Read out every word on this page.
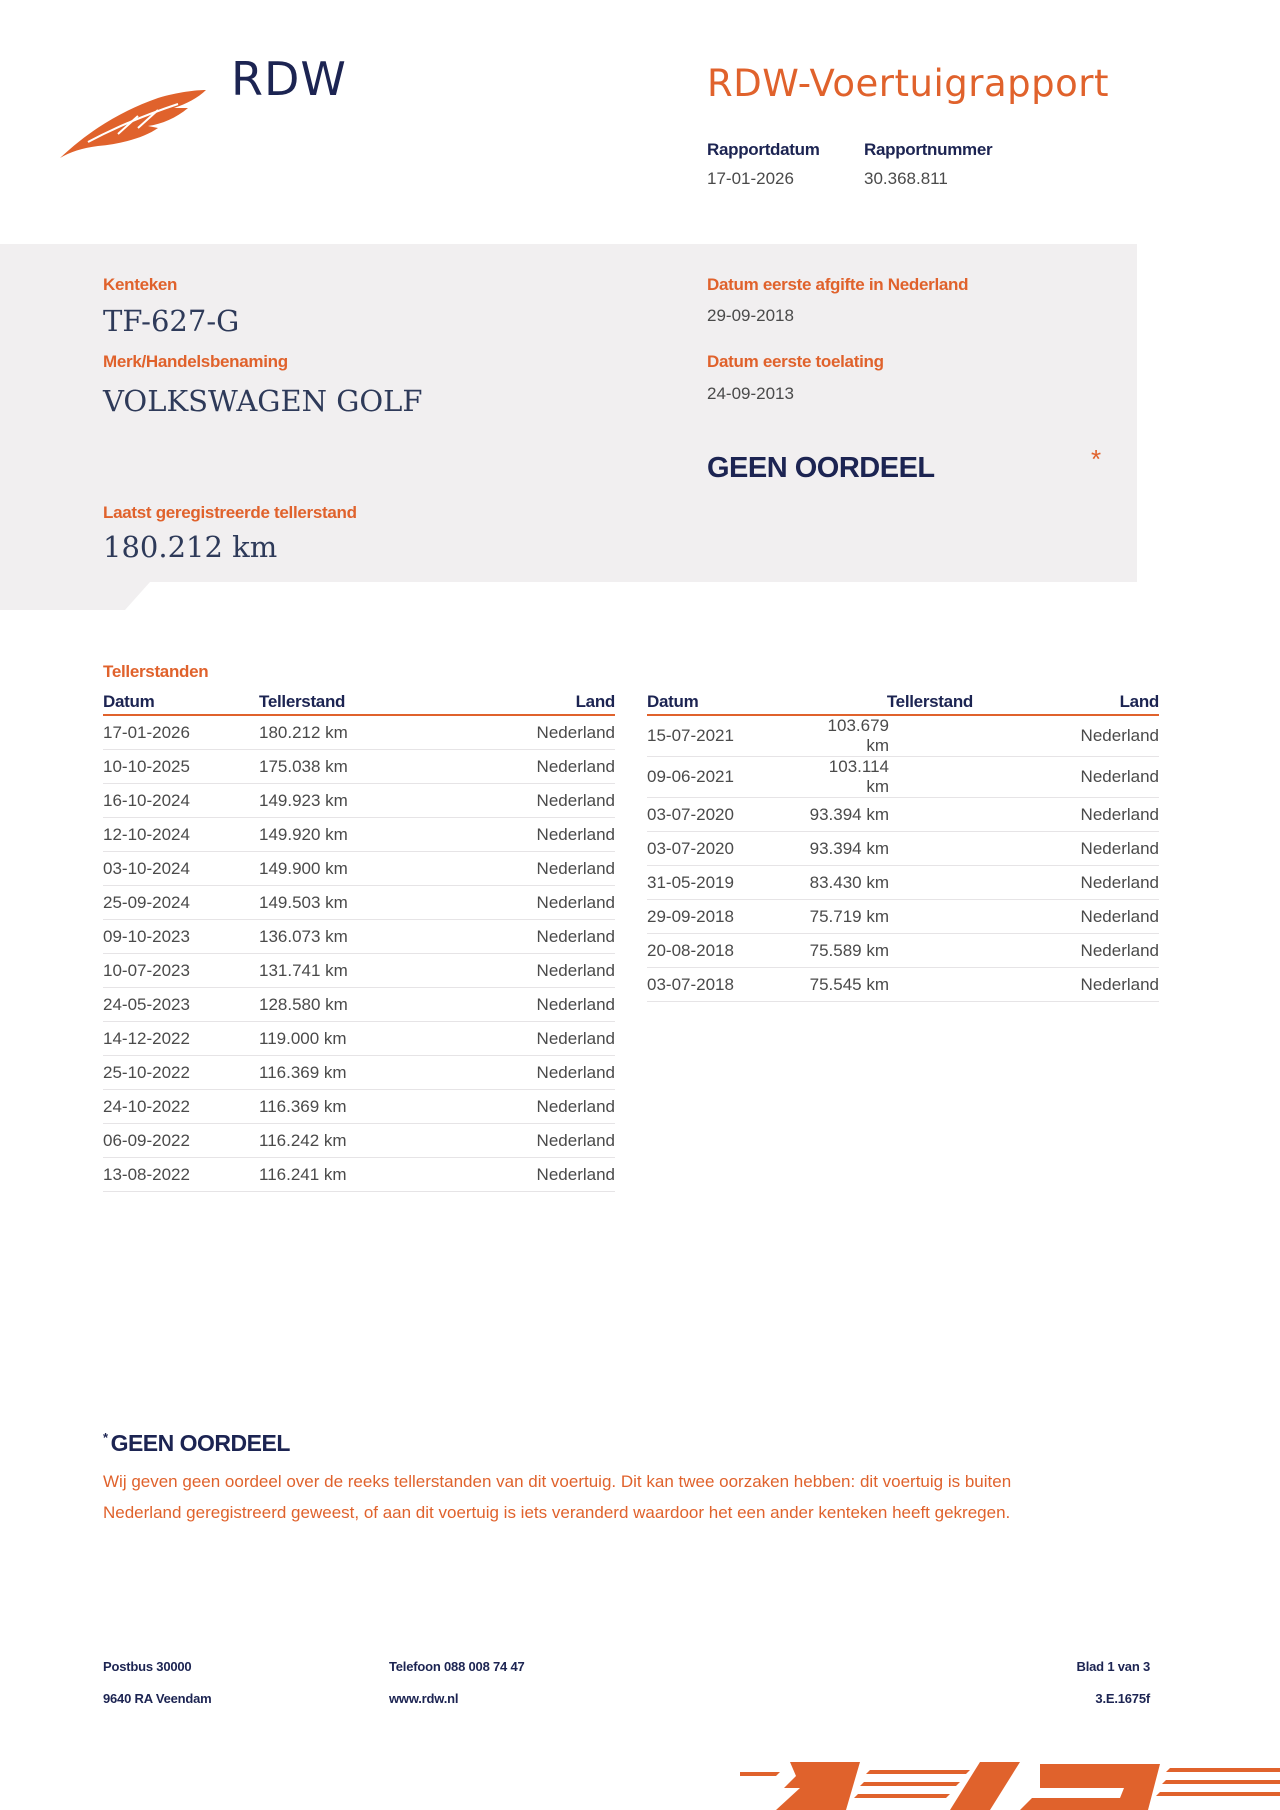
RDW	RDW-Voertuigrapport
Rapportdatum
17-01-2026
Rapportnummer
30.368.811
Kenteken
TF-627-G
Merk/Handelsbenaming
VOLKSWAGEN GOLF
Laatst geregistreerde tellerstand
180.212 km
Datum eerste afgifte in Nederland
29-09-2018
Datum eerste toelating
24-09-2013
GEEN OORDEEL	*
Tellerstanden
Datum	Tellerstand	Land
17-01-2026	180.212 km	Nederland
10-10-2025	175.038 km	Nederland
16-10-2024	149.923 km	Nederland
12-10-2024	149.920 km	Nederland
03-10-2024	149.900 km	Nederland
25-09-2024	149.503 km	Nederland
09-10-2023	136.073 km	Nederland
10-07-2023	131.741 km	Nederland
24-05-2023	128.580 km	Nederland
14-12-2022	119.000 km	Nederland
25-10-2022	116.369 km	Nederland
24-10-2022	116.369 km	Nederland
06-09-2022	116.242 km	Nederland
13-08-2022	116.241 km	Nederland
Datum	Tellerstand	Land
15-07-2021	103.679 km	Nederland
09-06-2021	103.114 km	Nederland
03-07-2020	93.394 km	Nederland
03-07-2020	93.394 km	Nederland
31-05-2019	83.430 km	Nederland
29-09-2018	75.719 km	Nederland
20-08-2018	75.589 km	Nederland
03-07-2018	75.545 km	Nederland
* GEEN OORDEEL
Wij geven geen oordeel over de reeks tellerstanden van dit voertuig. Dit kan twee oorzaken hebben: dit voertuig is buiten Nederland geregistreerd geweest, of aan dit voertuig is iets veranderd waardoor het een ander kenteken heeft gekregen.
Postbus 30000
9640 RA Veendam
Telefoon 088 008 74 47
www.rdw.nl
Blad 1 van 3
3.E.1675f
